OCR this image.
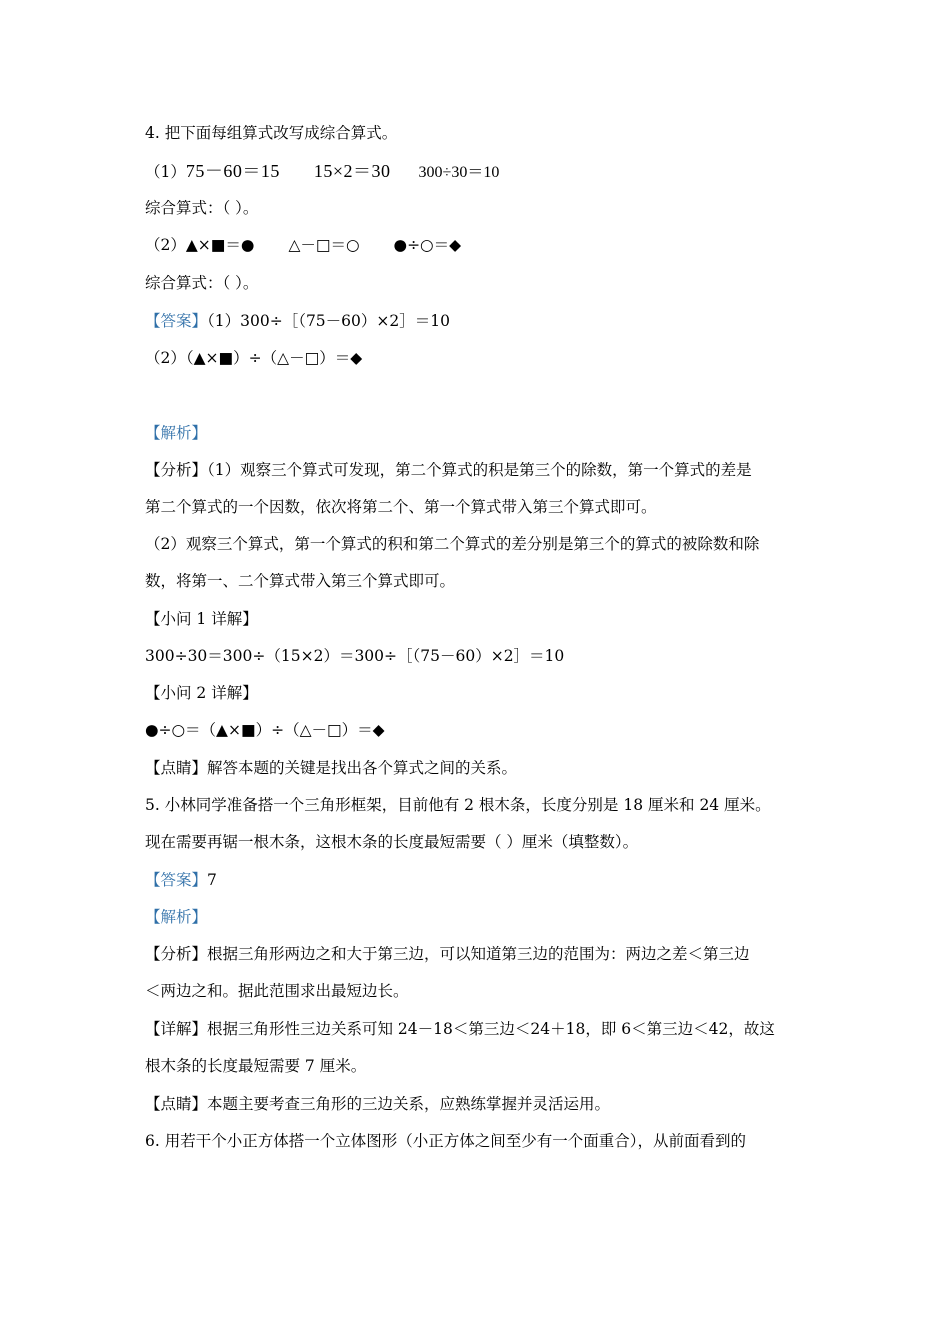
4. 把下面每组算式改写成综合算式。
（1）75－60＝15 15×2＝30 300÷30＝10
综合算式：（ ）。
（2）▲×■＝● △－□＝○ ●÷○＝◆
综合算式：（ ）。
【答案】（1）300÷［（75－60）×2］＝10
（2）（▲×■）÷（△－□）＝◆
【解析】
【分析】（1）观察三个算式可发现，第二个算式的积是第三个的除数，第一个算式的差是
第二个算式的一个因数，依次将第二个、第一个算式带入第三个算式即可。
（2）观察三个算式，第一个算式的积和第二个算式的差分别是第三个的算式的被除数和除
数，将第一、二个算式带入第三个算式即可。
【小问 1 详解】
300÷30＝300÷（15×2）＝300÷［（75－60）×2］＝10
【小问 2 详解】
●÷○＝（▲×■）÷（△－□）＝◆
【点睛】解答本题的关键是找出各个算式之间的关系。
5. 小林同学准备搭一个三角形框架，目前他有 2 根木条，长度分别是 18 厘米和 24 厘米。
现在需要再锯一根木条，这根木条的长度最短需要（ ）厘米（填整数）。
【答案】7
【解析】
【分析】根据三角形两边之和大于第三边，可以知道第三边的范围为：两边之差＜第三边
＜两边之和。据此范围求出最短边长。
【详解】根据三角形性三边关系可知 24－18＜第三边＜24＋18，即 6＜第三边＜42，故这
根木条的长度最短需要 7 厘米。
【点睛】本题主要考查三角形的三边关系，应熟练掌握并灵活运用。
6. 用若干个小正方体搭一个立体图形（小正方体之间至少有一个面重合），从前面看到的
